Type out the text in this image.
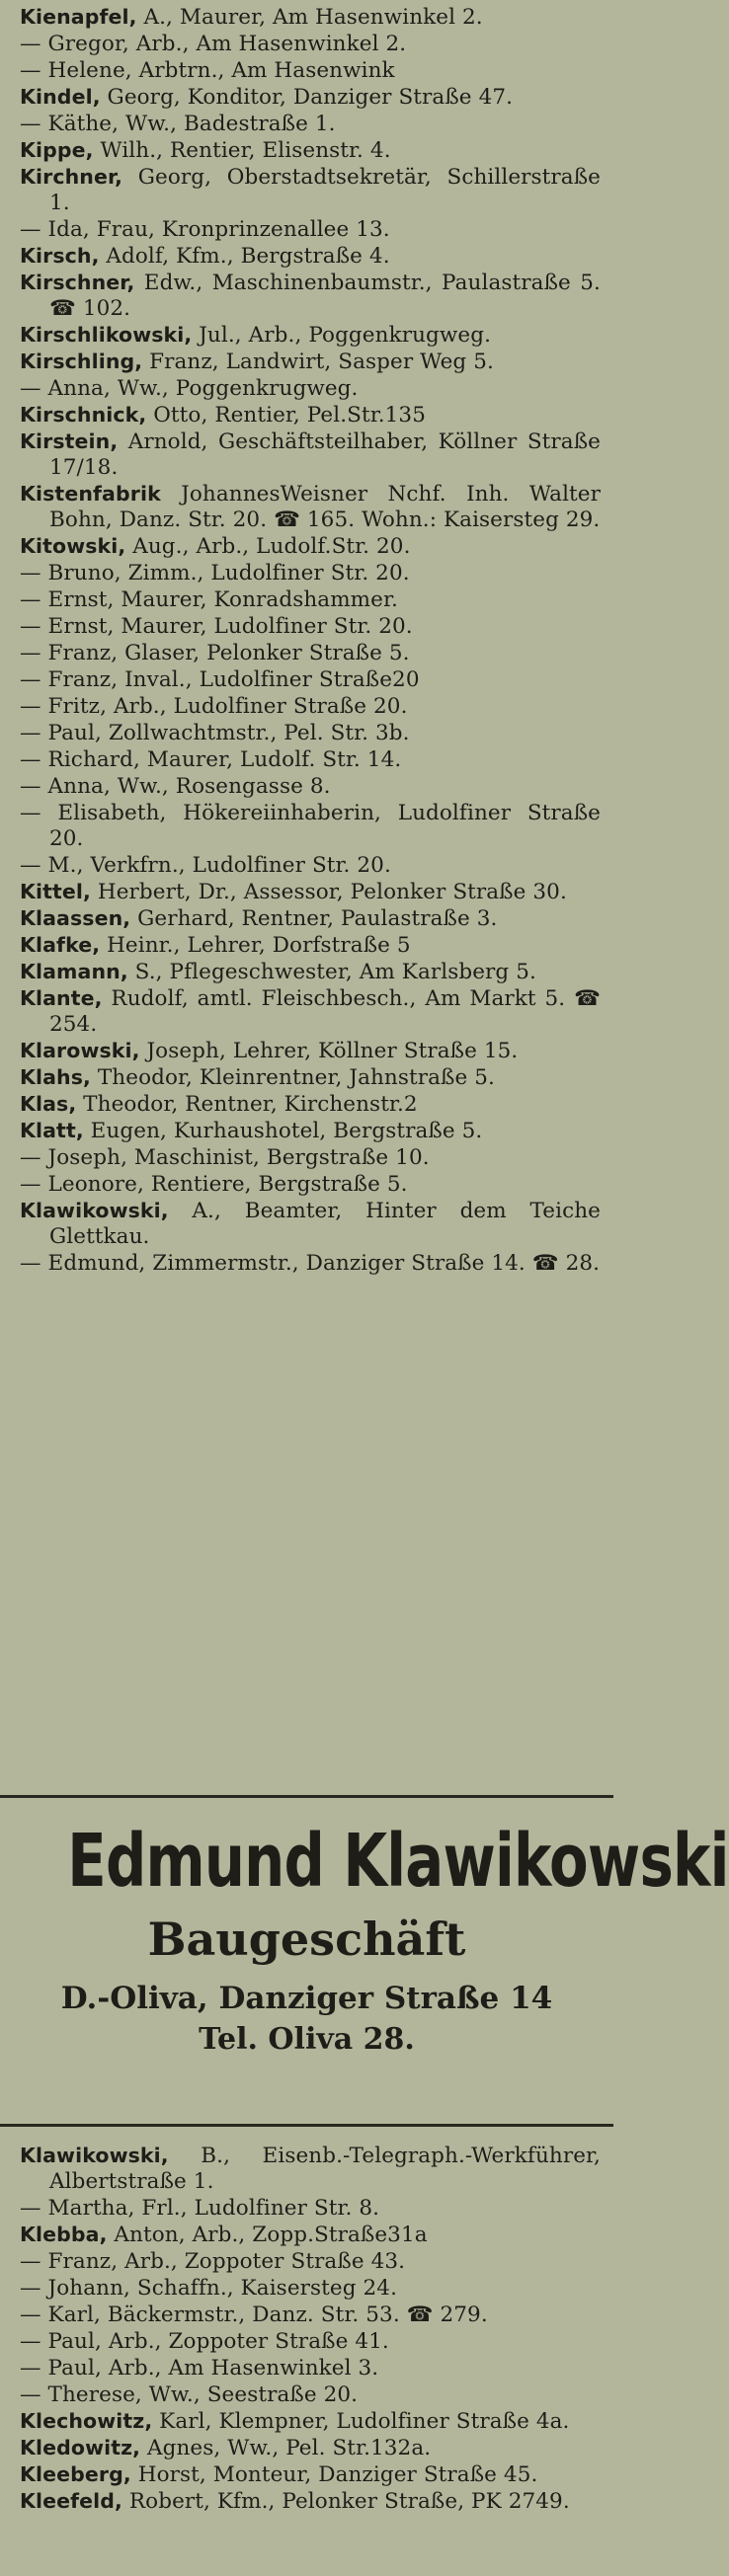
Kienapfel, A., Maurer, Am Hasenwinkel 2.
— Gregor, Arb., Am Hasenwinkel 2.
— Helene, Arbtrn., Am Hasenwink
Kindel, Georg, Konditor, Danziger Straße 47.
— Käthe, Ww., Badestraße 1.
Kippe, Wilh., Rentier, Elisenstr. 4.
Kirchner, Georg, Oberstadtsekretär, Schillerstraße 1.
— Ida, Frau, Kronprinzenallee 13.
Kirsch, Adolf, Kfm., Bergstraße 4.
Kirschner, Edw., Maschinenbaumstr., Paulastraße 5. ☎ 102.
Kirschlikowski, Jul., Arb., Poggenkrugweg.
Kirschling, Franz, Landwirt, Sasper Weg 5.
— Anna, Ww., Poggenkrugweg.
Kirschnick, Otto, Rentier, Pel.Str.135
Kirstein, Arnold, Geschäftsteilhaber, Köllner Straße 17/18.
Kistenfabrik JohannesWeisner Nchf. Inh. Walter Bohn, Danz. Str. 20. ☎ 165. Wohn.: Kaisersteg 29.
Kitowski, Aug., Arb., Ludolf.Str. 20.
— Bruno, Zimm., Ludolfiner Str. 20.
— Ernst, Maurer, Konradshammer.
— Ernst, Maurer, Ludolfiner Str. 20.
— Franz, Glaser, Pelonker Straße 5.
— Franz, Inval., Ludolfiner Straße20
— Fritz, Arb., Ludolfiner Straße 20.
— Paul, Zollwachtmstr., Pel. Str. 3b.
— Richard, Maurer, Ludolf. Str. 14.
— Anna, Ww., Rosengasse 8.
— Elisabeth, Hökereiinhaberin, Ludolfiner Straße 20.
— M., Verkfrn., Ludolfiner Str. 20.
Kittel, Herbert, Dr., Assessor, Pelonker Straße 30.
Klaassen, Gerhard, Rentner, Paulastraße 3.
Klafke, Heinr., Lehrer, Dorfstraße 5
Klamann, S., Pflegeschwester, Am Karlsberg 5.
Klante, Rudolf, amtl. Fleischbesch., Am Markt 5. ☎ 254.
Klarowski, Joseph, Lehrer, Köllner Straße 15.
Klahs, Theodor, Kleinrentner, Jahnstraße 5.
Klas, Theodor, Rentner, Kirchenstr.2
Klatt, Eugen, Kurhaushotel, Bergstraße 5.
— Joseph, Maschinist, Bergstraße 10.
— Leonore, Rentiere, Bergstraße 5.
Klawikowski, A., Beamter, Hinter dem Teiche Glettkau.
— Edmund, Zimmermstr., Danziger Straße 14. ☎ 28.
Edmund Klawikowski
Baugeschäft
D.-Oliva, Danziger Straße 14
Tel. Oliva 28.
Klawikowski, B., Eisenb.-Telegraph.-Werkführer, Albertstraße 1.
— Martha, Frl., Ludolfiner Str. 8.
Klebba, Anton, Arb., Zopp.Straße31a
— Franz, Arb., Zoppoter Straße 43.
— Johann, Schaffn., Kaisersteg 24.
— Karl, Bäckermstr., Danz. Str. 53. ☎ 279.
— Paul, Arb., Zoppoter Straße 41.
— Paul, Arb., Am Hasenwinkel 3.
— Therese, Ww., Seestraße 20.
Klechowitz, Karl, Klempner, Ludolfiner Straße 4a.
Kledowitz, Agnes, Ww., Pel. Str.132a.
Kleeberg, Horst, Monteur, Danziger Straße 45.
Kleefeld, Robert, Kfm., Pelonker Straße, PK 2749.
